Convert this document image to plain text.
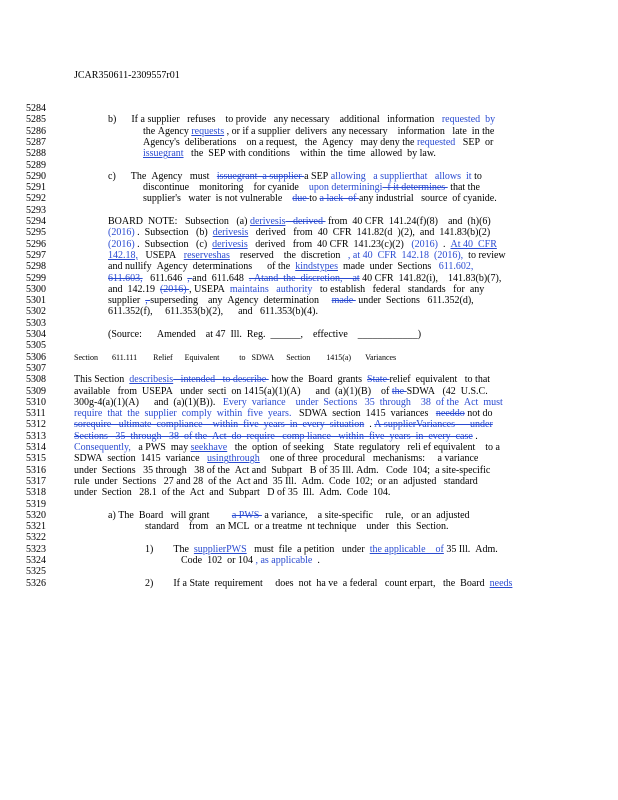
JCAR350611-2309557r01
5284
5285
5286
5287
5288
5289
5290
5291
5292
5293
5294
5295
5296
5297
5298
5299
5300
5301
5302
5303
5304
5305
5306
5307
5308
5309
5310
5311
5312
5313
5314
5315
5316
5317
5318
5319
5320
5321
5322
5323
5324
5325
5326
b)      If a supplier   refuses    to provide   any necessary    additional   information   requested  by
the Agency requests , or if a supplier  delivers  any necessary    information   late  in the
Agency's  deliberations    on a request,   the  Agency   may deny the requested   SEP  or
issuegrant   the  SEP with conditions    within  the  time  allowed  by law.
c)      The  Agency   must   issuegrant  a supplier a SEP allowing   a supplierthat   allows  it to
discontinue    monitoring    for cyanide    upon determiningi  f it determines  that the
supplier's   water  is not vulnerable    due to a lack  of any industrial   source  of cyanide.
BOARD  NOTE:   Subsection   (a) derivesis   derived  from  40 CFR  141.24(f)(8)    and  (h)(6)
(2016) .  Subsection   (b)  derivesis   derived   from  40  CFR  141.82(d  )(2),  and  141.83(b)(2)
(2016) .  Subsection   (c)  derivesis   derived   from  40 CFR  141.23(c)(2)   (2016)  .  At 40  CFR
142.18,   USEPA   reserveshas    reserved    the  discretion   , at 40  CFR  142.18  (2016),  to review
and nullify  Agency  determinations      of the  kindstypes  made  under  Sections   611.602,
611.603,   611.646  , and  611.648  . Atand  the  discretion,    at 40 CFR  141.82(i),    141.83(b)(7),
and  142.19  (2016) , USEPA  maintains   authority   to establish   federal   standards   for  any
supplier  , superseding    any  Agency  determination     made  under  Sections   611.352(d),
611.352(f),     611.353(b)(2),      and   611.353(b)(4).
(Source:      Amended    at 47  Ill.  Reg.  ______,    effective    ____________)
Section       611.111        Relief      Equivalent          to   SDWA      Section        1415(a)       Variances
This Section  describesis   intended   to describe  how the  Board  grants  State relief  equivalent   to that
available   from  USEPA   under  secti  on 1415(a)(1)(A)      and  (a)(1)(B)    of the SDWA   (42  U.S.C.
300g-4(a)(1)(A)      and  (a)(1)(B)).   Every  variance    under  Sections   35  through    38  of the  Act  must
require  that  the  supplier  comply  within  five  years.   SDWA  section  1415  variances   needdo not do
sorequire   ultimate  compliance    within  five  years  in  every  situation  . A supplierVariances      under
Sections   35  through   38  of the  Act  do  require   comp liance   within  five  years  in  every  case .
Consequently,   a PWS  may seekhave   the  option  of seeking    State  regulatory   reli ef equivalent    to a
SDWA  section  1415  variance   usingthrough    one of three  procedural   mechanisms:     a variance
under  Sections   35 through   38 of the  Act and  Subpart   B of 35 Ill. Adm.   Code  104;  a site-specific
rule  under  Sections   27 and 28  of the  Act and  35 Ill.  Adm.  Code  102;  or an  adjusted   standard
under  Section   28.1  of the  Act  and  Subpart   D of 35  Ill.  Adm.  Code  104.
a) The  Board   will grant         a PWS  a variance,    a site-specific     rule,   or an  adjusted
standard    from   an MCL  or a treatme  nt technique    under   this  Section.
1)        The  supplierPWS   must  file  a petition   under  the applicable    of 35 Ill.  Adm.
Code  102  or 104 , as applicable  .
2)        If a State  requirement     does  not  ha ve  a federal   count erpart,   the  Board  needs
